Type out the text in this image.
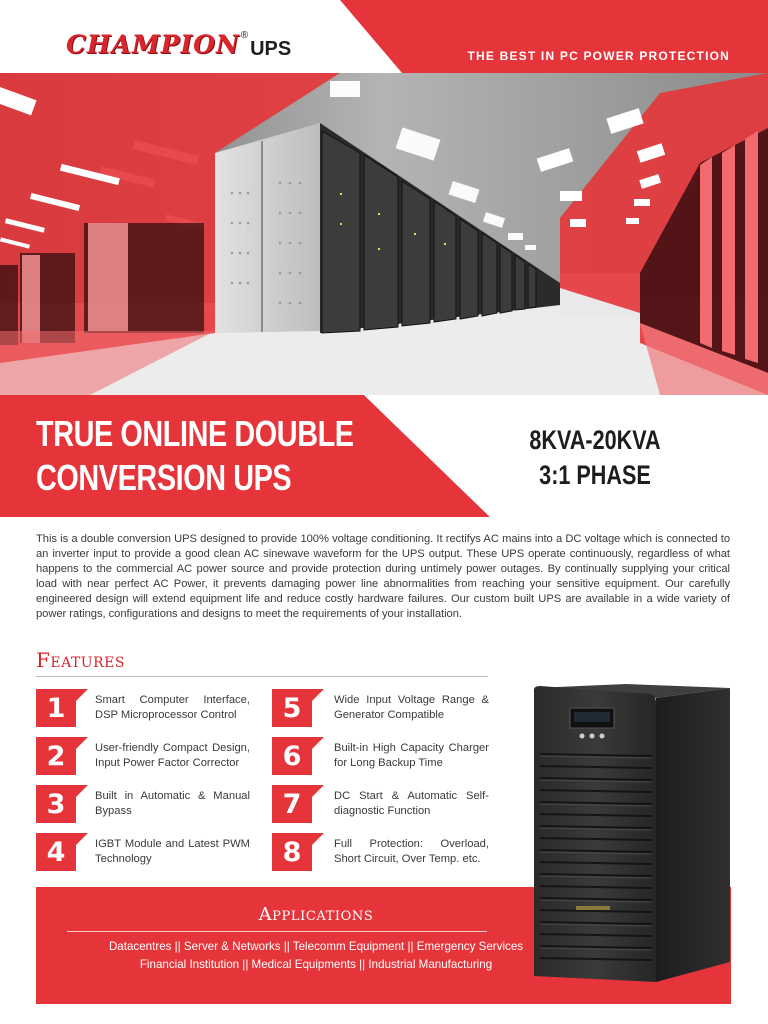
CHAMPION ®
UPS	THE BEST IN PC POWER PROTECTION
TRUE ONLINE DOUBLE
CONVERSION UPS
8KVA-20KVA
3:1 PHASE
This is a double conversion UPS designed to provide 100% voltage conditioning. It rectifys AC mains into a DC voltage which is connected to an inverter input to provide a good clean AC sinewave waveform for the UPS output. These UPS operate continuously, regardless of what happens to the commercial AC power source and provide protection during untimely power outages. By continually supplying your critical load with near perfect AC Power, it prevents damaging power line abnormalities from reaching your sensitive equipment. Our carefully engineered design will extend equipment life and reduce costly hardware failures. Our custom built UPS are available in a wide variety of power ratings, configurations and designs to meet the requirements of your installation.
Features
1	Smart Computer Interface, DSP Microprocessor Control
2	User-friendly Compact Design, Input Power Factor Corrector
3	Built in Automatic & Manual Bypass
4	IGBT Module and Latest PWM Technology
5	Wide Input Voltage Range & Generator Compatible
6	Built-in High Capacity Charger for Long Backup Time
7	DC Start & Automatic Self-diagnostic Function
8	Full Protection: Overload, Short Circuit, Over Temp. etc.
Applications
Datacentres || Server & Networks || Telecomm Equipment || Emergency Services
Financial Institution || Medical Equipments || Industrial Manufacturing
